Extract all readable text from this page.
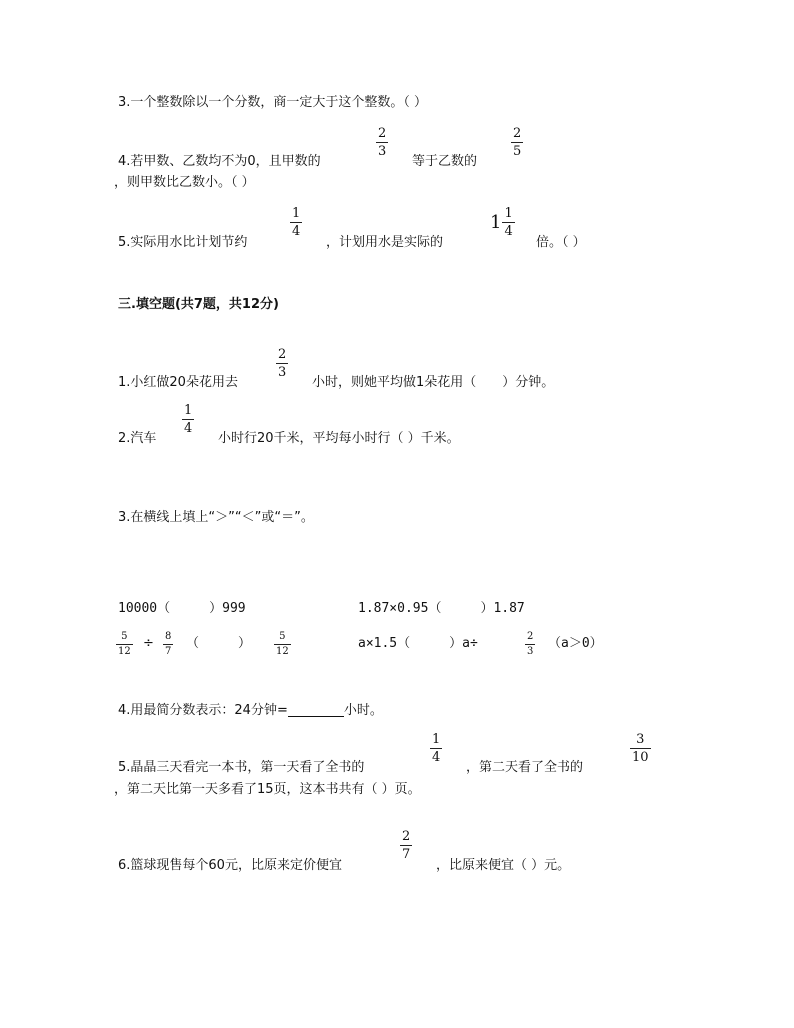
3.一个整数除以一个分数，商一定大于这个整数。（ ）
4.若甲数、乙数均不为0，且甲数的
2
3
等于乙数的
2
5
，则甲数比乙数小。（ ）
5.实际用水比计划节约
1
4
，计划用水是实际的
$1 \frac{1}{4}$
倍。（ ）
三.填空题(共7题，共12分)
1.小红做20朵花用去
2
3
小时，则她平均做1朵花用（　　）分钟。
2.汽车
1
4
小时行20千米，平均每小时行（ ）千米。
3.在横线上填上“＞”“＜”或“＝”。
10000（　　　）999	1.87×0.95（　　　）1.87
5
12
÷ 8
7
（　　　）	5
12
a×1.5（　　　）a÷	2
3
（a＞0）
4.用最简分数表示：24分钟=	小时。
5.晶晶三天看完一本书，第一天看了全书的
1
4
，第二天看了全书的
3
10
，第二天比第一天多看了15页，这本书共有（ ）页。
6.篮球现售每个60元，比原来定价便宜
2
7
，比原来便宜（ ）元。
